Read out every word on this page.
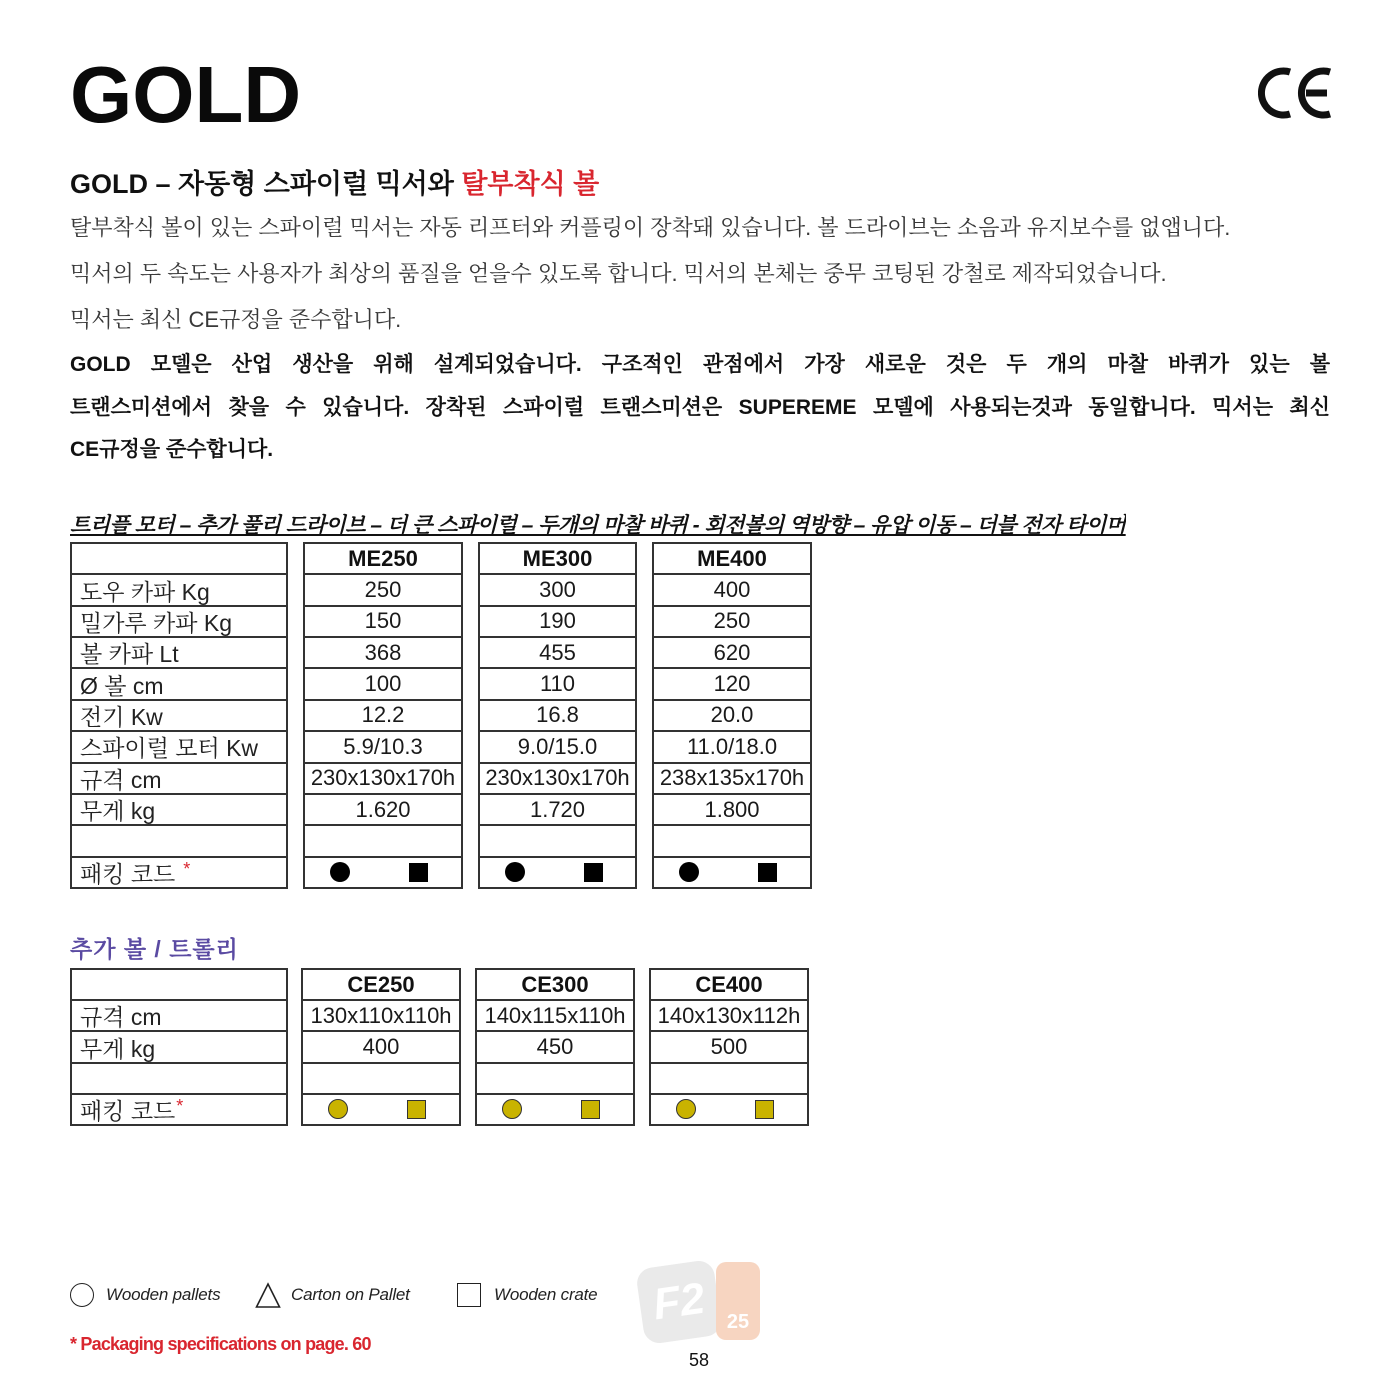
GOLD
GOLD – 자동형 스파이럴 믹서와 탈부착식 볼
탈부착식 볼이 있는 스파이럴 믹서는 자동 리프터와 커플링이 장착돼 있습니다. 볼 드라이브는 소음과 유지보수를 없앱니다.
믹서의 두 속도는 사용자가 최상의 품질을 얻을수 있도록 합니다. 믹서의 본체는 중무 코팅된 강철로 제작되었습니다.
믹서는 최신 CE규정을 준수합니다.
GOLD 모델은 산업 생산을 위해 설계되었습니다. 구조적인 관점에서 가장 새로운 것은 두 개의 마찰 바퀴가 있는 볼
트랜스미션에서 찾을 수 있습니다. 장착된 스파이럴 트랜스미션은 SUPEREME 모델에 사용되는것과 동일합니다. 믹서는 최신
CE규정을 준수합니다.
트리플 모터 – 추가 풀리 드라이브 – 더 큰 스파이럴 – 두개의 마찰 바퀴 - 회전볼의 역방향 – 유압 이동 – 더블 전자 타이머
도우 카파 Kg
밀가루 카파 Kg
볼 카파 Lt
Ø 볼 cm
전기 Kw
스파이럴 모터 Kw
규격 cm
무게 kg
패킹 코드 *
ME250
250
150
368
100
12.2
5.9/10.3
230x130x170h
1.620
ME300
300
190
455
110
16.8
9.0/15.0
230x130x170h
1.720
ME400
400
250
620
120
20.0
11.0/18.0
238x135x170h
1.800
추가 볼 / 트롤리
규격 cm
무게 kg
패킹 코드 *
CE250
130x110x110h
400
CE300
140x115x110h
450
CE400
140x130x112h
500
Wooden pallets	Carton on Pallet	Wooden crate
* Packaging specifications on page. 60
F2 25
58
